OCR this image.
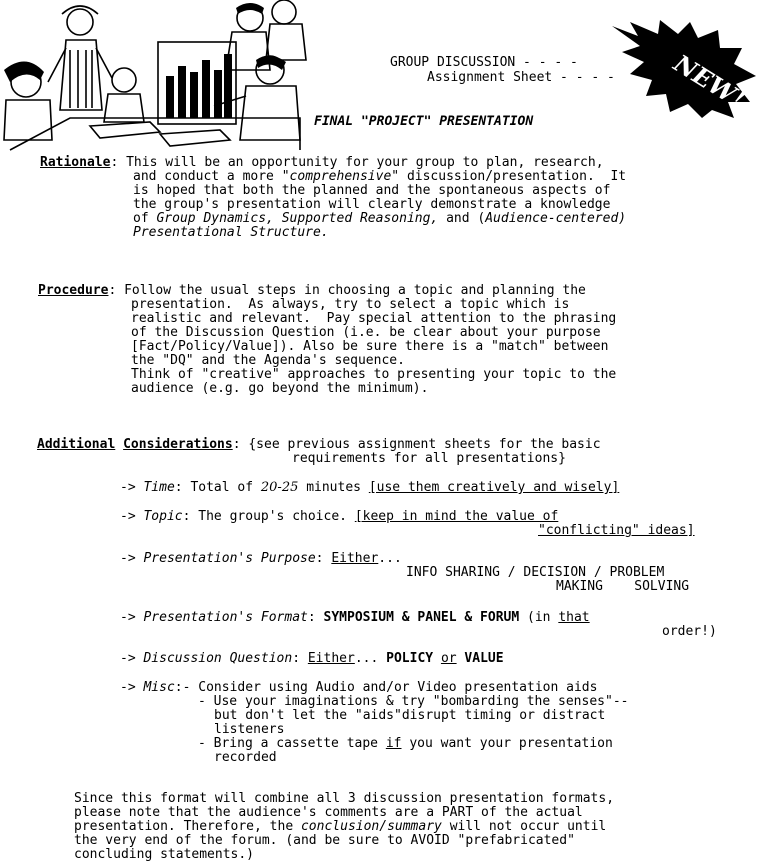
GROUP DISCUSSION - - - -
Assignment Sheet - - - - NEW!
FINAL "PROJECT" PRESENTATION
Rationale: This will be an opportunity for your group to plan, research,
and conduct a more "comprehensive" discussion/presentation.  It
is hoped that both the planned and the spontaneous aspects of
the group's presentation will clearly demonstrate a knowledge
of Group Dynamics, Supported Reasoning, and (Audience-centered)
Presentational Structure.
Procedure: Follow the usual steps in choosing a topic and planning the
presentation.  As always, try to select a topic which is
realistic and relevant.  Pay special attention to the phrasing
of the Discussion Question (i.e. be clear about your purpose
[Fact/Policy/Value]). Also be sure there is a "match" between
the "DQ" and the Agenda's sequence.
Think of "creative" approaches to presenting your topic to the
audience (e.g. go beyond the minimum).
Additional Considerations: {see previous assignment sheets for the basic
requirements for all presentations}
-> Time: Total of 20-25 minutes [use them creatively and wisely]
-> Topic: The group's choice. [keep in mind the value of
"conflicting" ideas]
-> Presentation's Purpose: Either...
INFO SHARING / DECISION / PROBLEM
MAKING    SOLVING
-> Presentation's Format: SYMPOSIUM & PANEL & FORUM (in that
order!)
-> Discussion Question: Either... POLICY or VALUE
-> Misc:- Consider using Audio and/or Video presentation aids
- Use your imaginations & try "bombarding the senses"--
but don't let the "aids"disrupt timing or distract
listeners
- Bring a cassette tape if you want your presentation
recorded
Since this format will combine all 3 discussion presentation formats,
please note that the audience's comments are a PART of the actual
presentation. Therefore, the conclusion/summary will not occur until
the very end of the forum. (and be sure to AVOID "prefabricated"
concluding statements.)
